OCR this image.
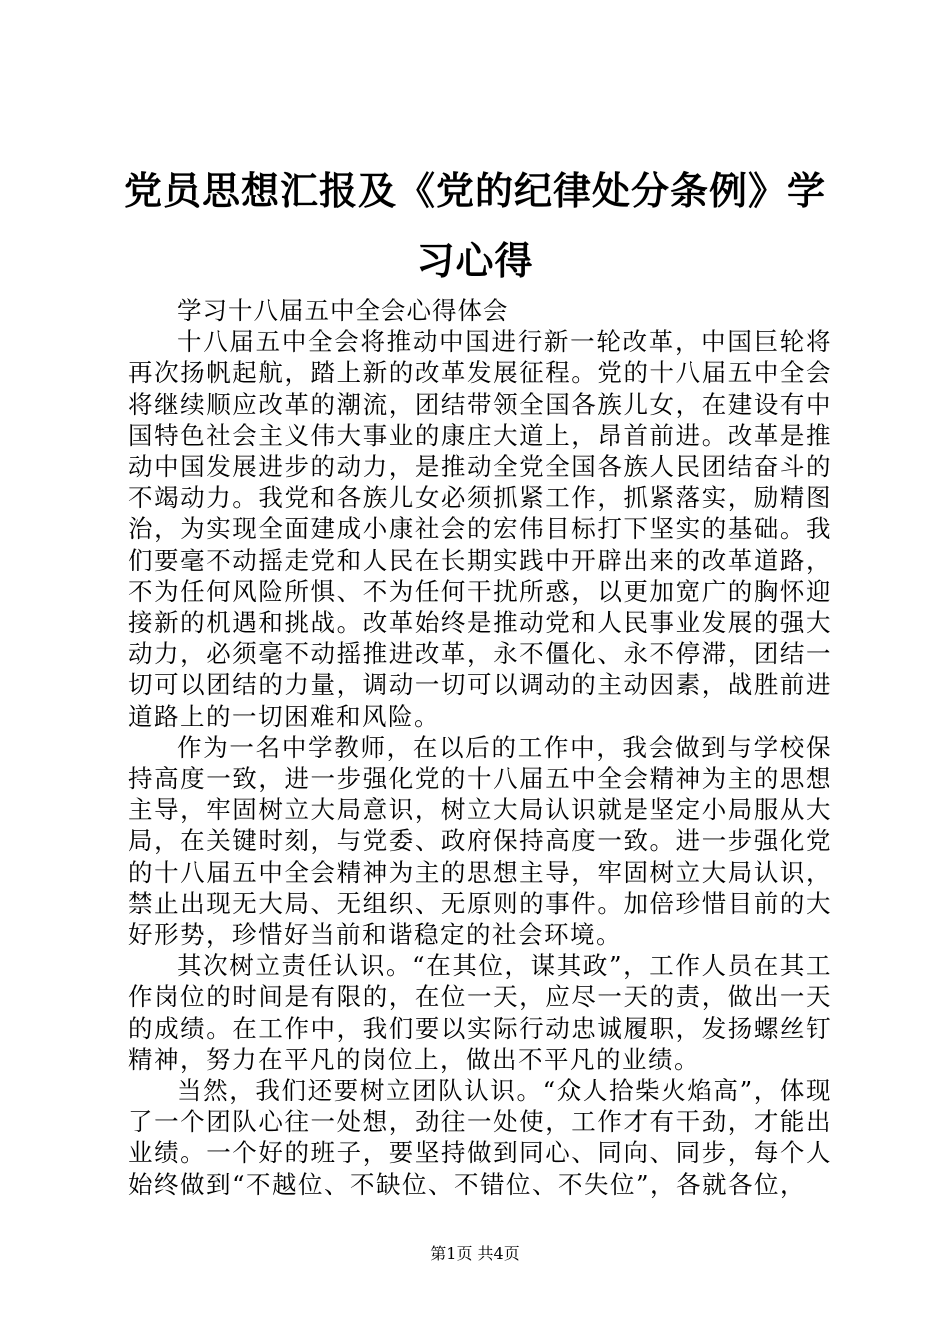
党员思想汇报及《党的纪律处分条例》学习心得

学习十八届五中全会心得体会

十八届五中全会将推动中国进行新一轮改革，中国巨轮将再次扬帆起航，踏上新的改革发展征程。党的十八届五中全会将继续顺应改革的潮流，团结带领全国各族儿女，在建设有中国特色社会主义伟大事业的康庄大道上，昂首前进。改革是推动中国发展进步的动力，是推动全党全国各族人民团结奋斗的不竭动力。我党和各族儿女必须抓紧工作，抓紧落实，励精图治，为实现全面建成小康社会的宏伟目标打下坚实的基础。我们要毫不动摇走党和人民在长期实践中开辟出来的改革道路，不为任何风险所惧、不为任何干扰所惑，以更加宽广的胸怀迎接新的机遇和挑战。改革始终是推动党和人民事业发展的强大动力，必须毫不动摇推进改革，永不僵化、永不停滞，团结一切可以团结的力量，调动一切可以调动的主动因素，战胜前进道路上的一切困难和风险。

作为一名中学教师，在以后的工作中，我会做到与学校保持高度一致，进一步强化党的十八届五中全会精神为主的思想主导，牢固树立大局意识，树立大局认识就是坚定小局服从大局，在关键时刻，与党委、政府保持高度一致。进一步强化党的十八届五中全会精神为主的思想主导，牢固树立大局认识，禁止出现无大局、无组织、无原则的事件。加倍珍惜目前的大好形势，珍惜好当前和谐稳定的社会环境。

其次树立责任认识。“在其位，谋其政”，工作人员在其工作岗位的时间是有限的，在位一天，应尽一天的责，做出一天的成绩。在工作中，我们要以实际行动忠诚履职，发扬螺丝钉精神，努力在平凡的岗位上，做出不平凡的业绩。

当然，我们还要树立团队认识。“众人拾柴火焰高”，体现了一个团队心往一处想，劲往一处使，工作才有干劲，才能出业绩。一个好的班子，要坚持做到同心、同向、同步，每个人始终做到“不越位、不缺位、不错位、不失位”，各就各位，

第1页 共4页
